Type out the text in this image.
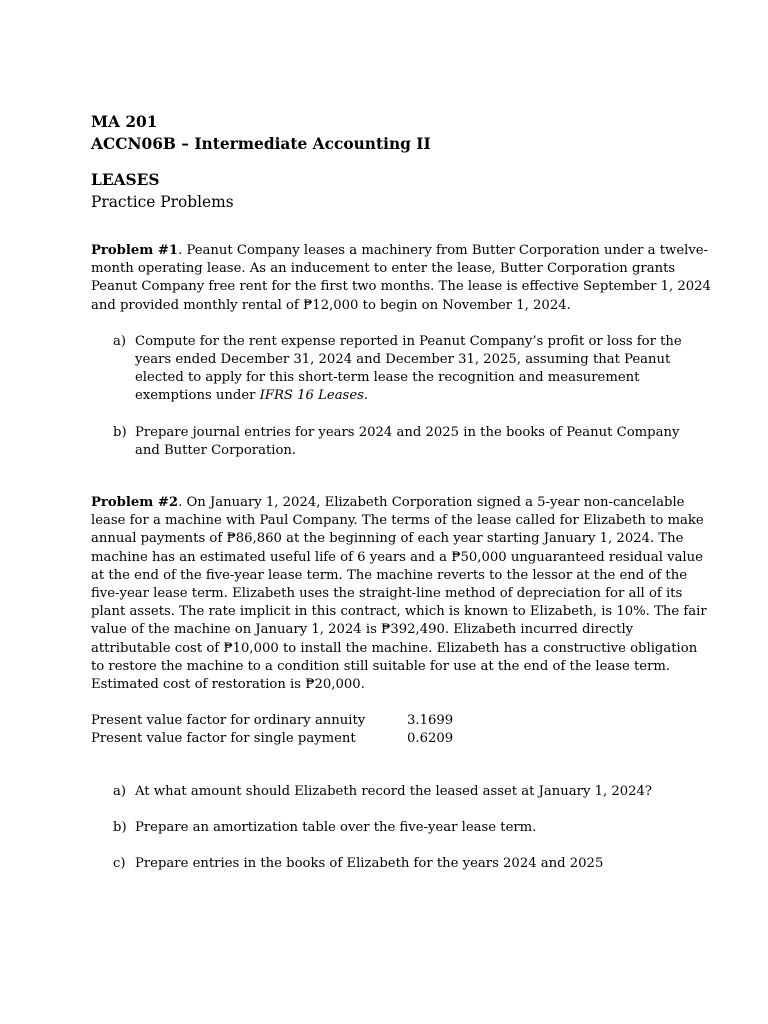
MA 201
ACCN06B – Intermediate Accounting II
LEASES
Practice Problems
Problem #1. Peanut Company leases a machinery from Butter Corporation under a twelve-
month operating lease. As an inducement to enter the lease, Butter Corporation grants
Peanut Company free rent for the first two months. The lease is effective September 1, 2024
and provided monthly rental of ₱12,000 to begin on November 1, 2024.
a) Compute for the rent expense reported in Peanut Company’s profit or loss for the
years ended December 31, 2024 and December 31, 2025, assuming that Peanut
elected to apply for this short-term lease the recognition and measurement
exemptions under IFRS 16 Leases.
b) Prepare journal entries for years 2024 and 2025 in the books of Peanut Company
and Butter Corporation.
Problem #2. On January 1, 2024, Elizabeth Corporation signed a 5-year non-cancelable
lease for a machine with Paul Company. The terms of the lease called for Elizabeth to make
annual payments of ₱86,860 at the beginning of each year starting January 1, 2024. The
machine has an estimated useful life of 6 years and a ₱50,000 unguaranteed residual value
at the end of the five-year lease term. The machine reverts to the lessor at the end of the
five-year lease term. Elizabeth uses the straight-line method of depreciation for all of its
plant assets. The rate implicit in this contract, which is known to Elizabeth, is 10%. The fair
value of the machine on January 1, 2024 is ₱392,490. Elizabeth incurred directly
attributable cost of ₱10,000 to install the machine. Elizabeth has a constructive obligation
to restore the machine to a condition still suitable for use at the end of the lease term.
Estimated cost of restoration is ₱20,000.
Present value factor for ordinary annuity	3.1699
Present value factor for single payment	0.6209
a) At what amount should Elizabeth record the leased asset at January 1, 2024?
b) Prepare an amortization table over the five-year lease term.
c) Prepare entries in the books of Elizabeth for the years 2024 and 2025
